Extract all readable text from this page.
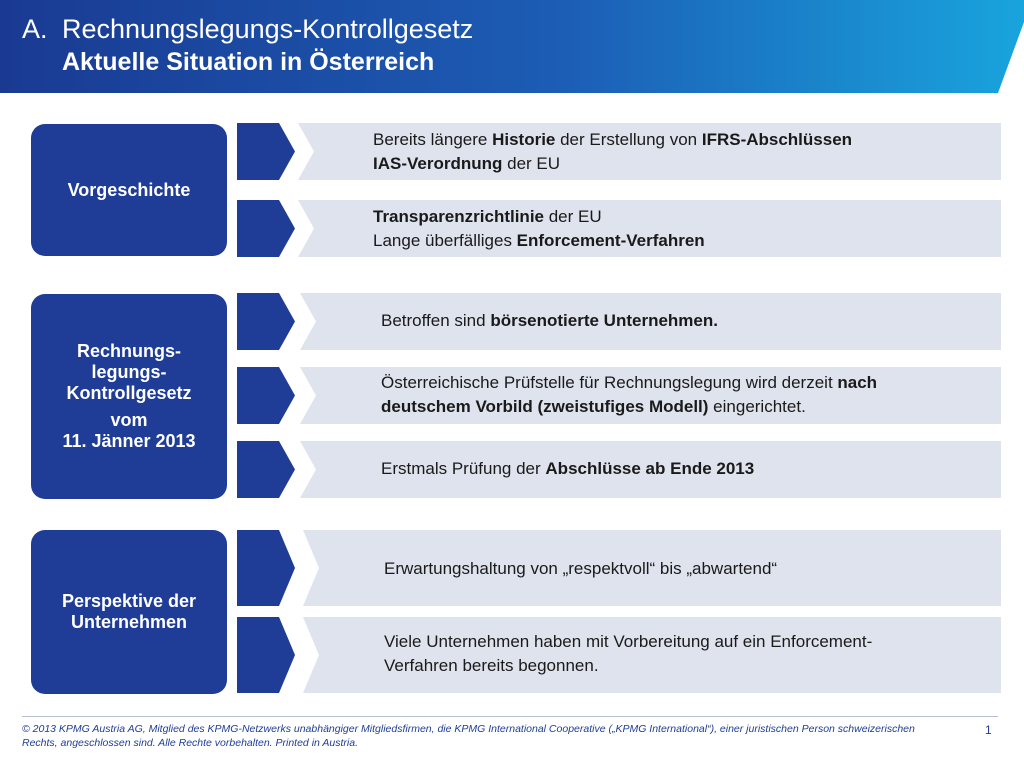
A. Rechnungslegungs-Kontrollgesetz
Aktuelle Situation in Österreich
Vorgeschichte
Rechnungs-
legungs-
Kontrollgesetz
vom
11. Jänner 2013
Perspektive der
Unternehmen
Bereits längere Historie der Erstellung von IFRS-Abschlüssen
IAS-Verordnung der EU
Transparenzrichtlinie der EU
Lange überfälliges Enforcement-Verfahren
Betroffen sind börsenotierte Unternehmen.
Österreichische Prüfstelle für Rechnungslegung wird derzeit nach
deutschem Vorbild (zweistufiges Modell) eingerichtet.
Erstmals Prüfung der Abschlüsse ab Ende 2013
Erwartungshaltung von „respektvoll“ bis „abwartend“
Viele Unternehmen haben mit Vorbereitung auf ein Enforcement-
Verfahren bereits begonnen.
© 2013 KPMG Austria AG, Mitglied des KPMG-Netzwerks unabhängiger Mitgliedsfirmen, die KPMG International Cooperative („KPMG International“), einer juristischen Person schweizerischen Rechts, angeschlossen sind. Alle Rechte vorbehalten. Printed in Austria.
1
